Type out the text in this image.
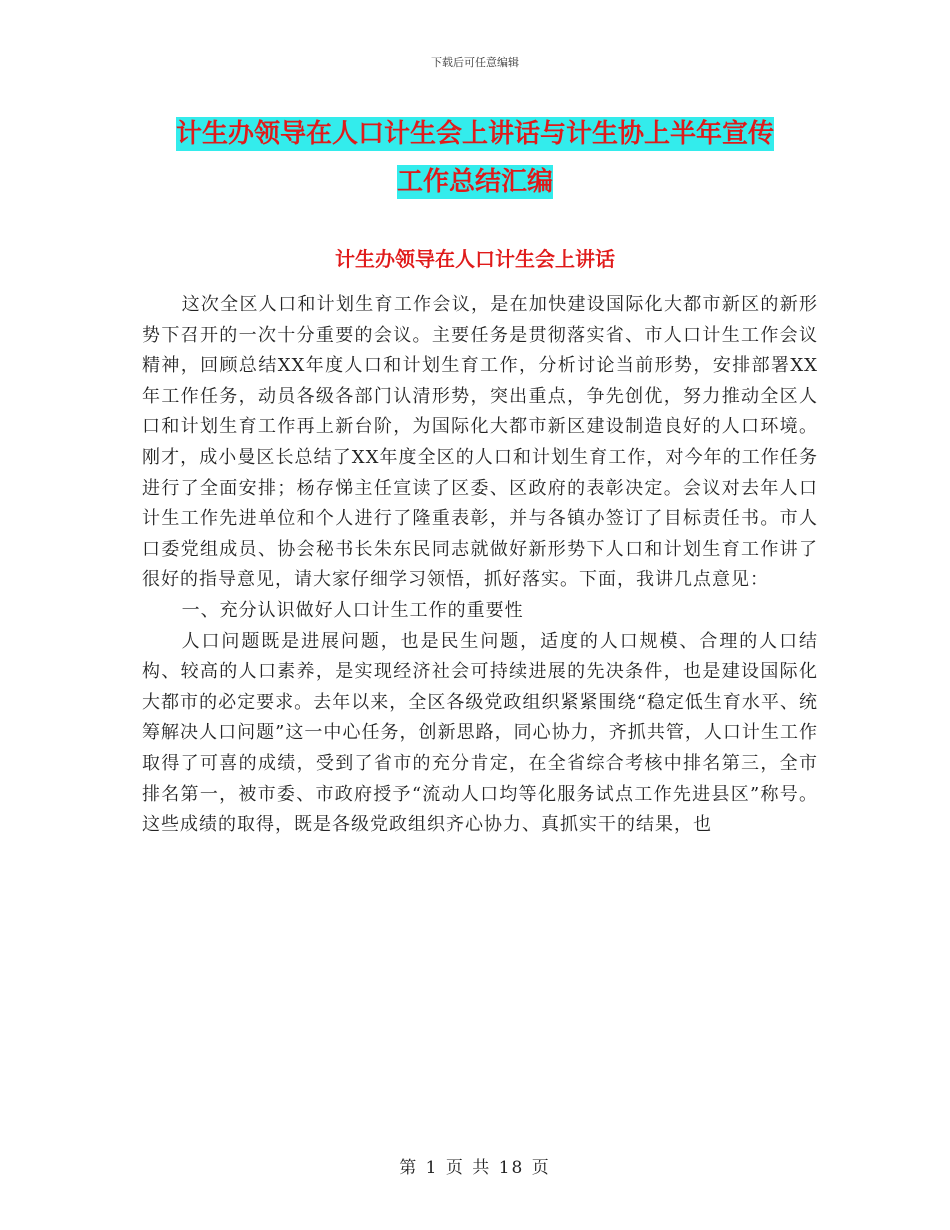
下载后可任意编辑
计生办领导在人口计生会上讲话与计生协上半年宣传
工作总结汇编
计生办领导在人口计生会上讲话

这次全区人口和计划生育工作会议，是在加快建设国际化大都市新区的新形势下召开的一次十分重要的会议。主要任务是贯彻落实省、市人口计生工作会议精神，回顾总结XX年度人口和计划生育工作，分析讨论当前形势，安排部署XX年工作任务，动员各级各部门认清形势，突出重点，争先创优，努力推动全区人口和计划生育工作再上新台阶，为国际化大都市新区建设制造良好的人口环境。刚才，成小曼区长总结了XX年度全区的人口和计划生育工作，对今年的工作任务进行了全面安排；杨存悌主任宣读了区委、区政府的表彰决定。会议对去年人口计生工作先进单位和个人进行了隆重表彰，并与各镇办签订了目标责任书。市人口委党组成员、协会秘书长朱东民同志就做好新形势下人口和计划生育工作讲了很好的指导意见，请大家仔细学习领悟，抓好落实。下面，我讲几点意见：

一、充分认识做好人口计生工作的重要性

人口问题既是进展问题，也是民生问题，适度的人口规模、合理的人口结构、较高的人口素养，是实现经济社会可持续进展的先决条件，也是建设国际化大都市的必定要求。去年以来，全区各级党政组织紧紧围绕“稳定低生育水平、统筹解决人口问题”这一中心任务，创新思路，同心协力，齐抓共管，人口计生工作取得了可喜的成绩，受到了省市的充分肯定，在全省综合考核中排名第三，全市排名第一，被市委、市政府授予“流动人口均等化服务试点工作先进县区”称号。这些成绩的取得，既是各级党政组织齐心协力、真抓实干的结果，也

第 1 页 共 18 页
